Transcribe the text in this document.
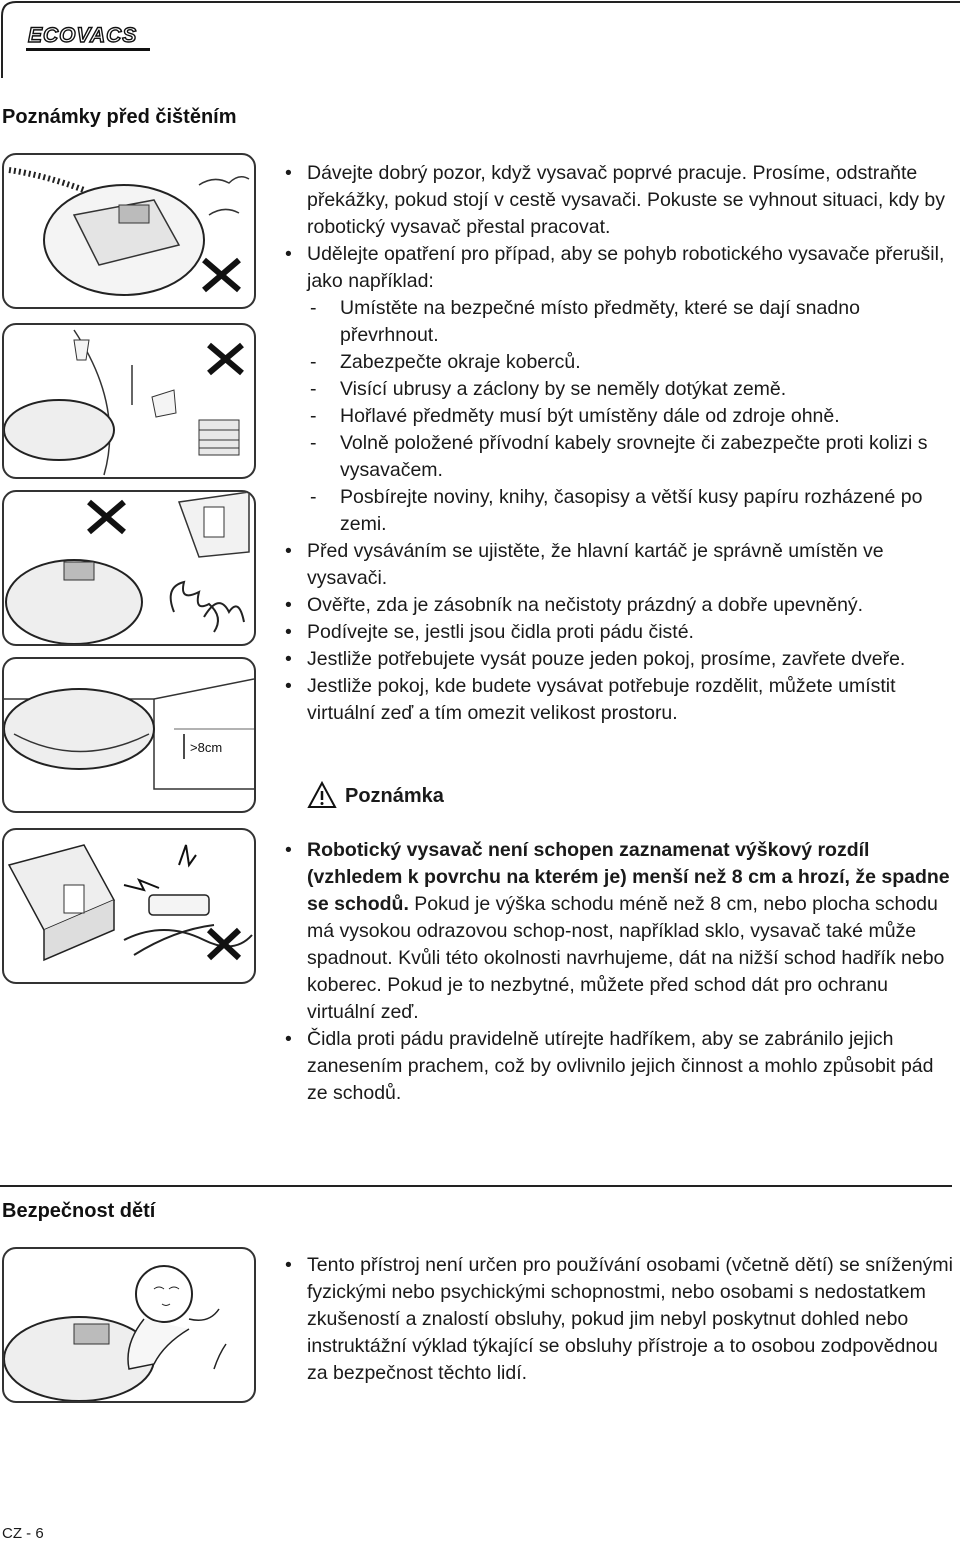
ECOVACS
Poznámky před čištěním
>8cm
• Dávejte dobrý pozor, když vysavač poprvé pracuje. Prosíme, odstraňte překážky, pokud stojí v cestě vysavači. Pokuste se vyhnout situaci, kdy by robotický vysavač přestal pracovat.
• Udělejte opatření pro případ, aby se pohyb robotického vysavače přerušil, jako například:
- Umístěte na bezpečné místo předměty, které se dají snadno převrhnout.
- Zabezpečte okraje koberců.
- Visící ubrusy a záclony by se neměly dotýkat země.
- Hořlavé předměty musí být umístěny dále od zdroje ohně.
- Volně položené přívodní kabely srovnejte či zabezpečte proti kolizi s vysavačem.
- Posbírejte noviny, knihy, časopisy a větší kusy papíru rozházené po zemi.
• Před vysáváním se ujistěte, že hlavní kartáč je správně umístěn ve vysavači.
• Ověřte, zda je zásobník na nečistoty prázdný a dobře upevněný.
• Podívejte se, jestli jsou čidla proti pádu čisté.
• Jestliže potřebujete vysát pouze jeden pokoj, prosíme, zavřete dveře.
• Jestliže pokoj, kde budete vysávat potřebuje rozdělit, můžete umístit virtuální zeď a tím omezit velikost prostoru.
Poznámka
• Robotický vysavač není schopen zaznamenat výškový rozdíl (vzhledem k povrchu na kterém je) menší než 8 cm a hrozí, že spadne se schodů. Pokud je výška schodu méně než 8 cm, nebo plocha schodu má vysokou odrazovou schop-nost, například sklo, vysavač také může spadnout. Kvůli této okolnosti navrhujeme, dát na nižší schod hadřík nebo koberec. Pokud je to nezbytné, můžete před schod dát pro ochranu virtuální zeď.
• Čidla proti pádu pravidelně utírejte hadříkem, aby se zabránilo jejich zanesením prachem, což by ovlivnilo jejich činnost a mohlo způsobit pád ze schodů.
Bezpečnost dětí
• Tento přístroj není určen pro používání osobami (včetně dětí) se sníženými fyzickými nebo psychickými schopnostmi, nebo osobami s nedostatkem zkušeností a znalostí obsluhy, pokud jim nebyl poskytnut dohled nebo instruktážní výklad týkající se obsluhy přístroje a to osobou zodpovědnou za bezpečnost těchto lidí.
CZ - 6
